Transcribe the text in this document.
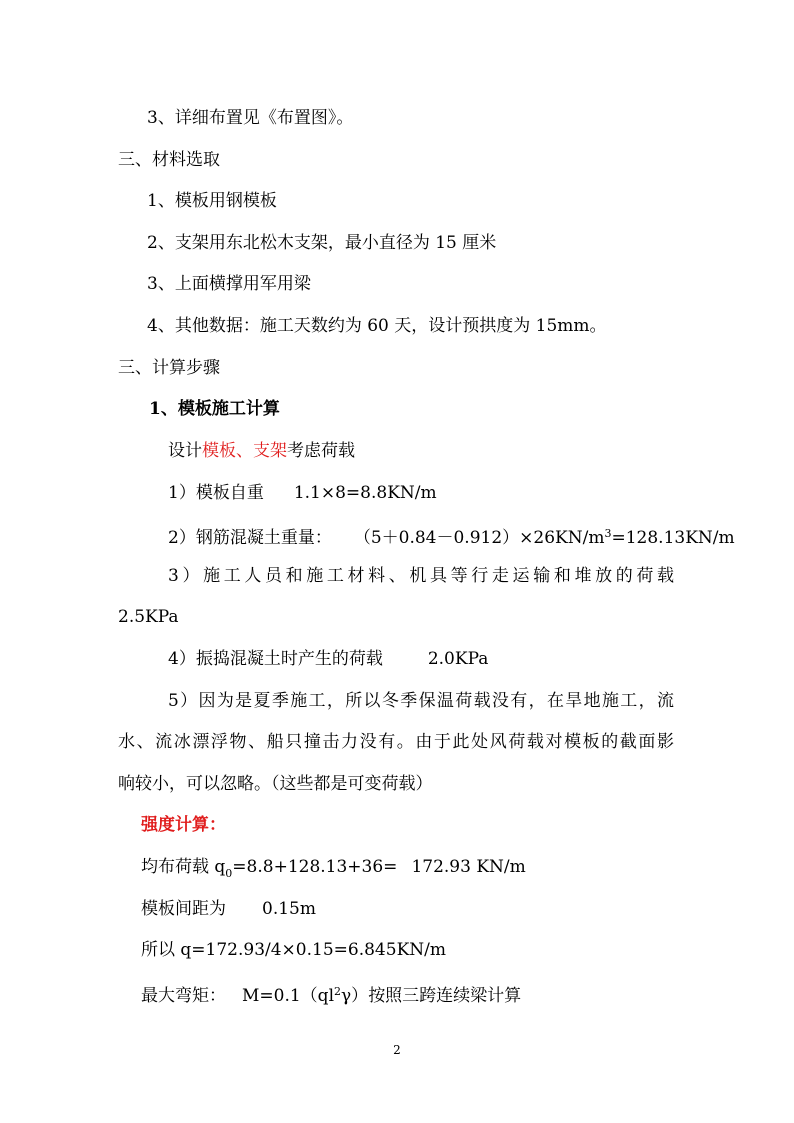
3、详细布置见《布置图》。
三、材料选取
1、模板用钢模板
2、支架用东北松木支架，最小直径为 15 厘米
3、上面横撑用军用梁
4、其他数据：施工天数约为 60 天，设计预拱度为 15mm。
三、计算步骤
1、模板施工计算
设计模板、支架考虑荷载
1）模板自重 1.1×8=8.8KN/m
2）钢筋混凝土重量： $(5+0.84-0.912)\times 26KN/m^3=128.13KN/m$
3）施工人员和施工材料、机具等行走运输和堆放的荷载
2.5KPa
4）振捣混凝土时产生的荷载	2.0KPa
5）因为是夏季施工，所以冬季保温荷载没有，在旱地施工，流
水、流冰漂浮物、船只撞击力没有。由于此处风荷载对模板的截面影
响较小，可以忽略。（这些都是可变荷载）
强度计算：
均布荷载 $q_0=8.8+128.13+36= 172.93$ KN/m
模板间距为 0.15m
所以 q=172.93/4×0.15=6.845KN/m
最大弯矩： $M=0.1(ql^2\gamma)$按照三跨连续梁计算
2
